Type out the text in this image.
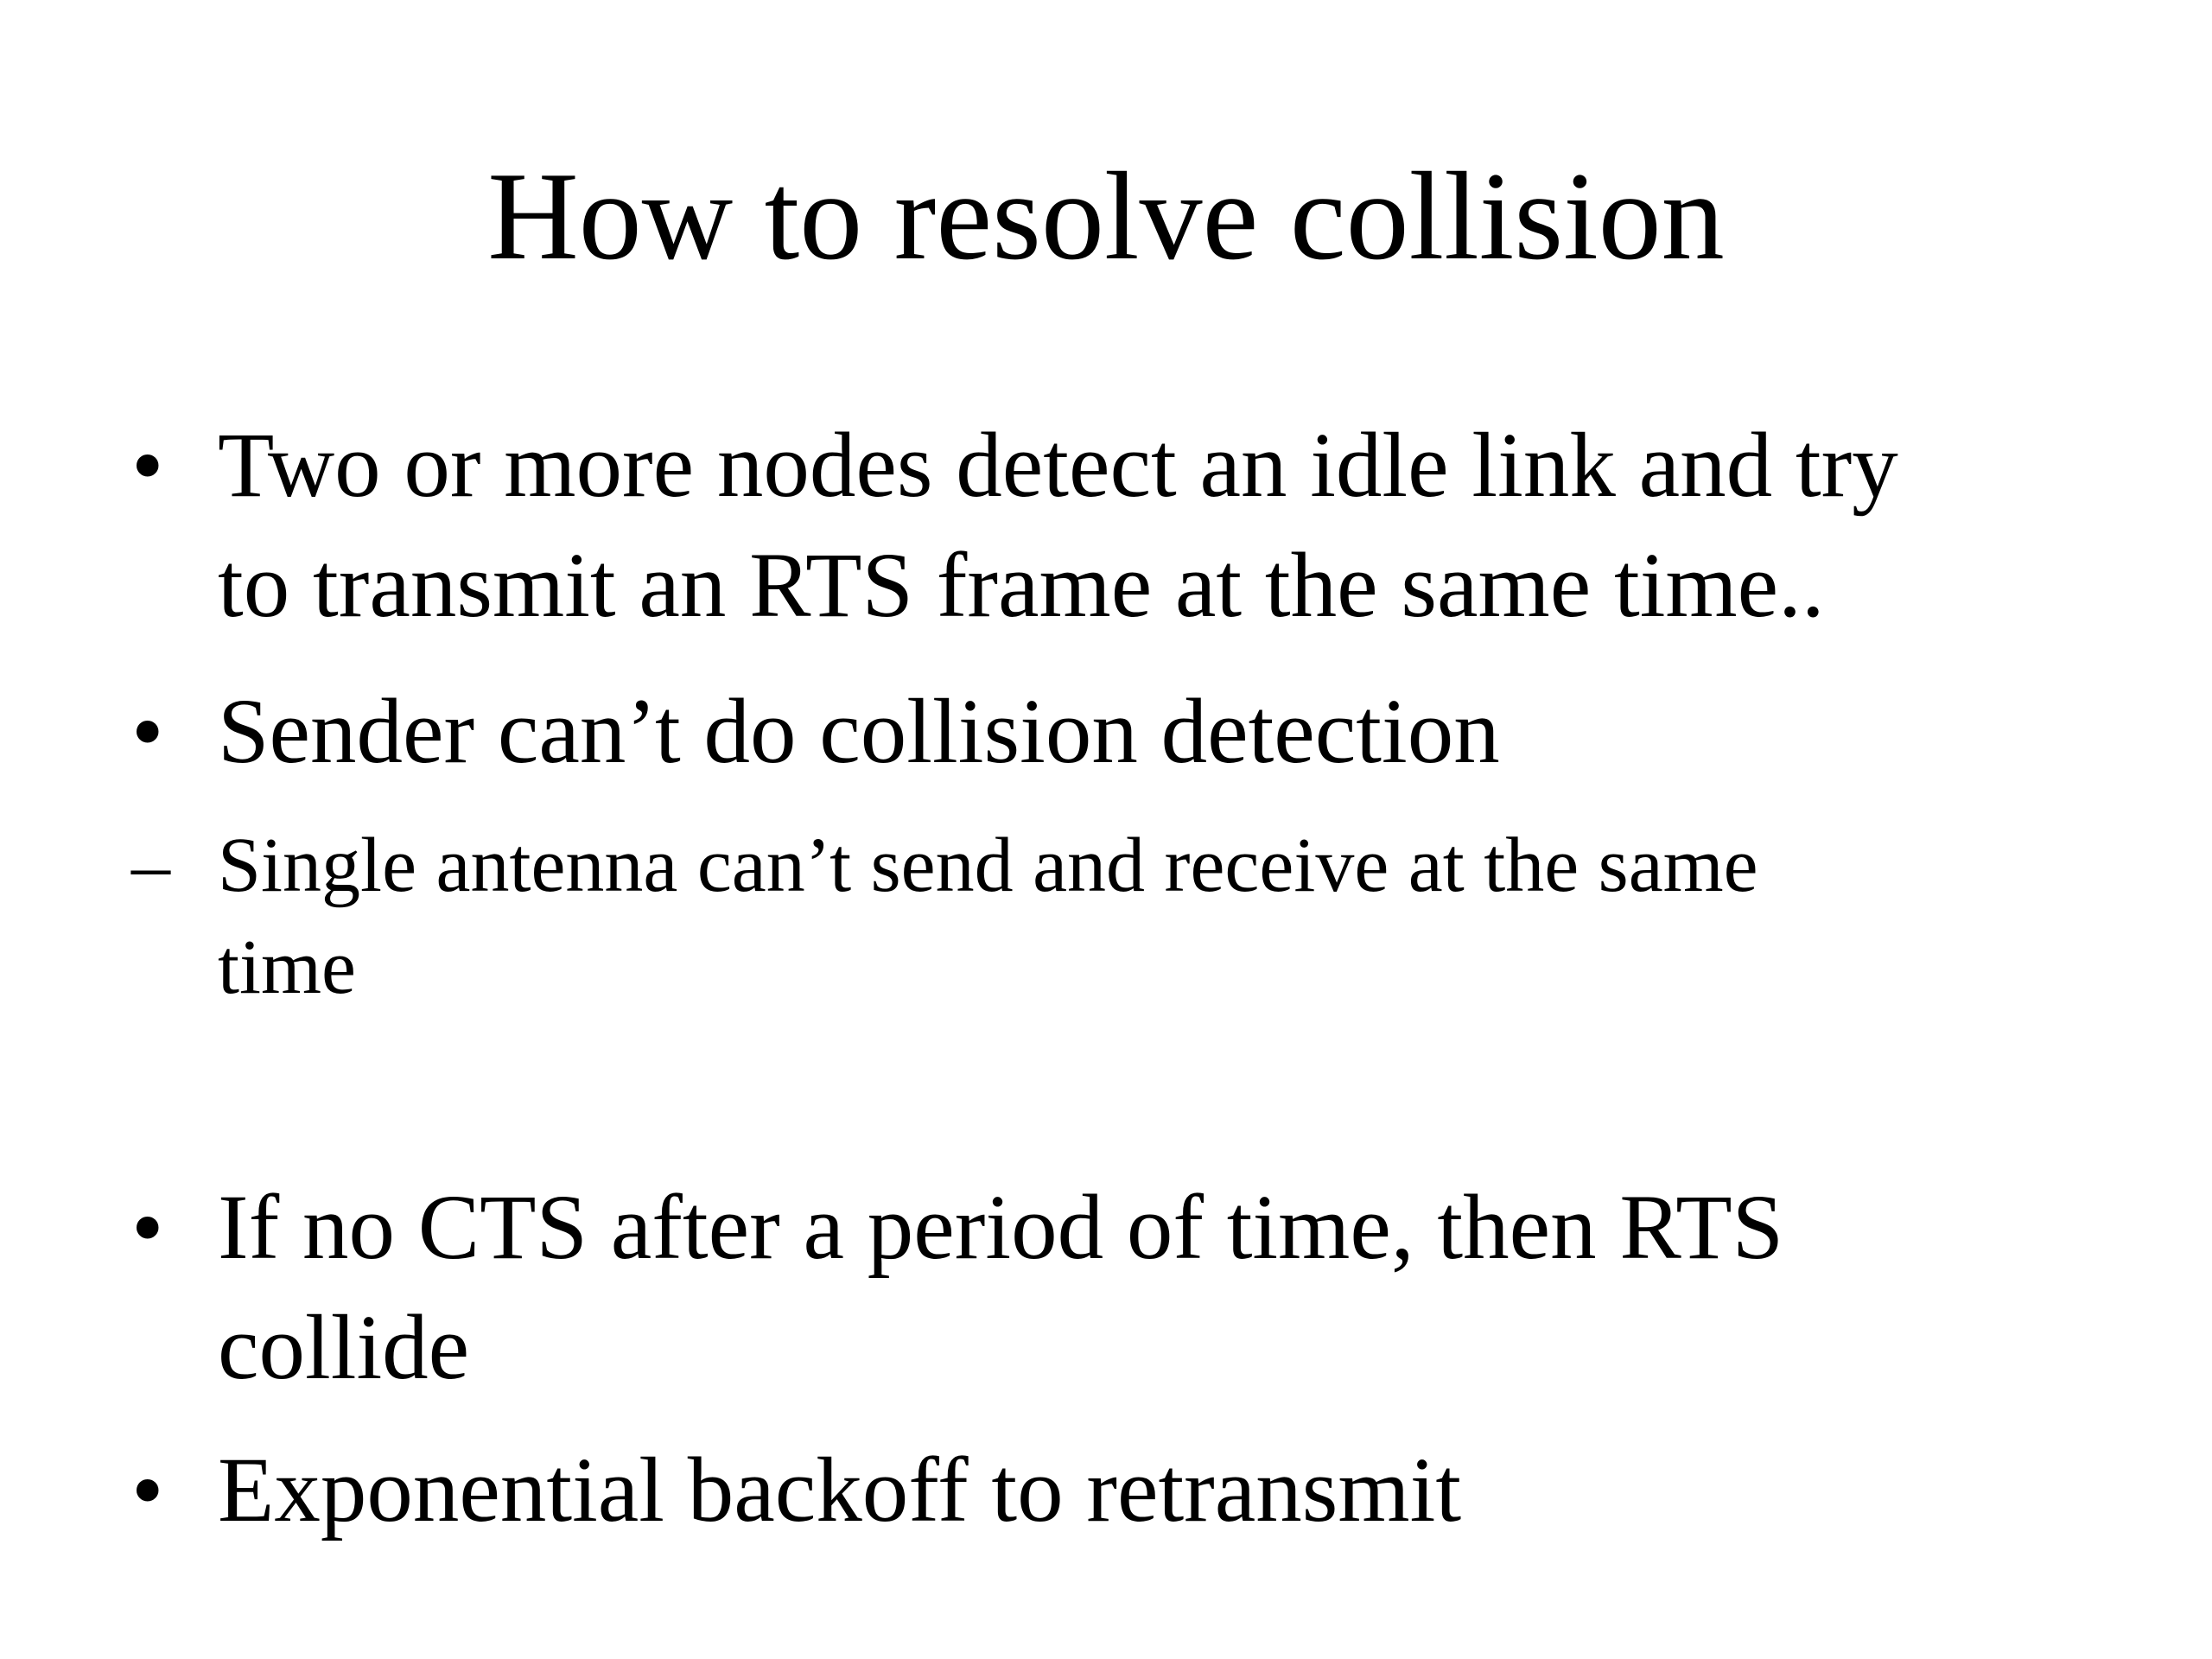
How to resolve collision
• Two or more nodes detect an idle link and try
to transmit an RTS frame at the same time..
• Sender can’t do collision detection
– Single antenna can’t send and receive at the same
time
• If no CTS after a period of time, then RTS
collide
• Exponential backoff to retransmit
